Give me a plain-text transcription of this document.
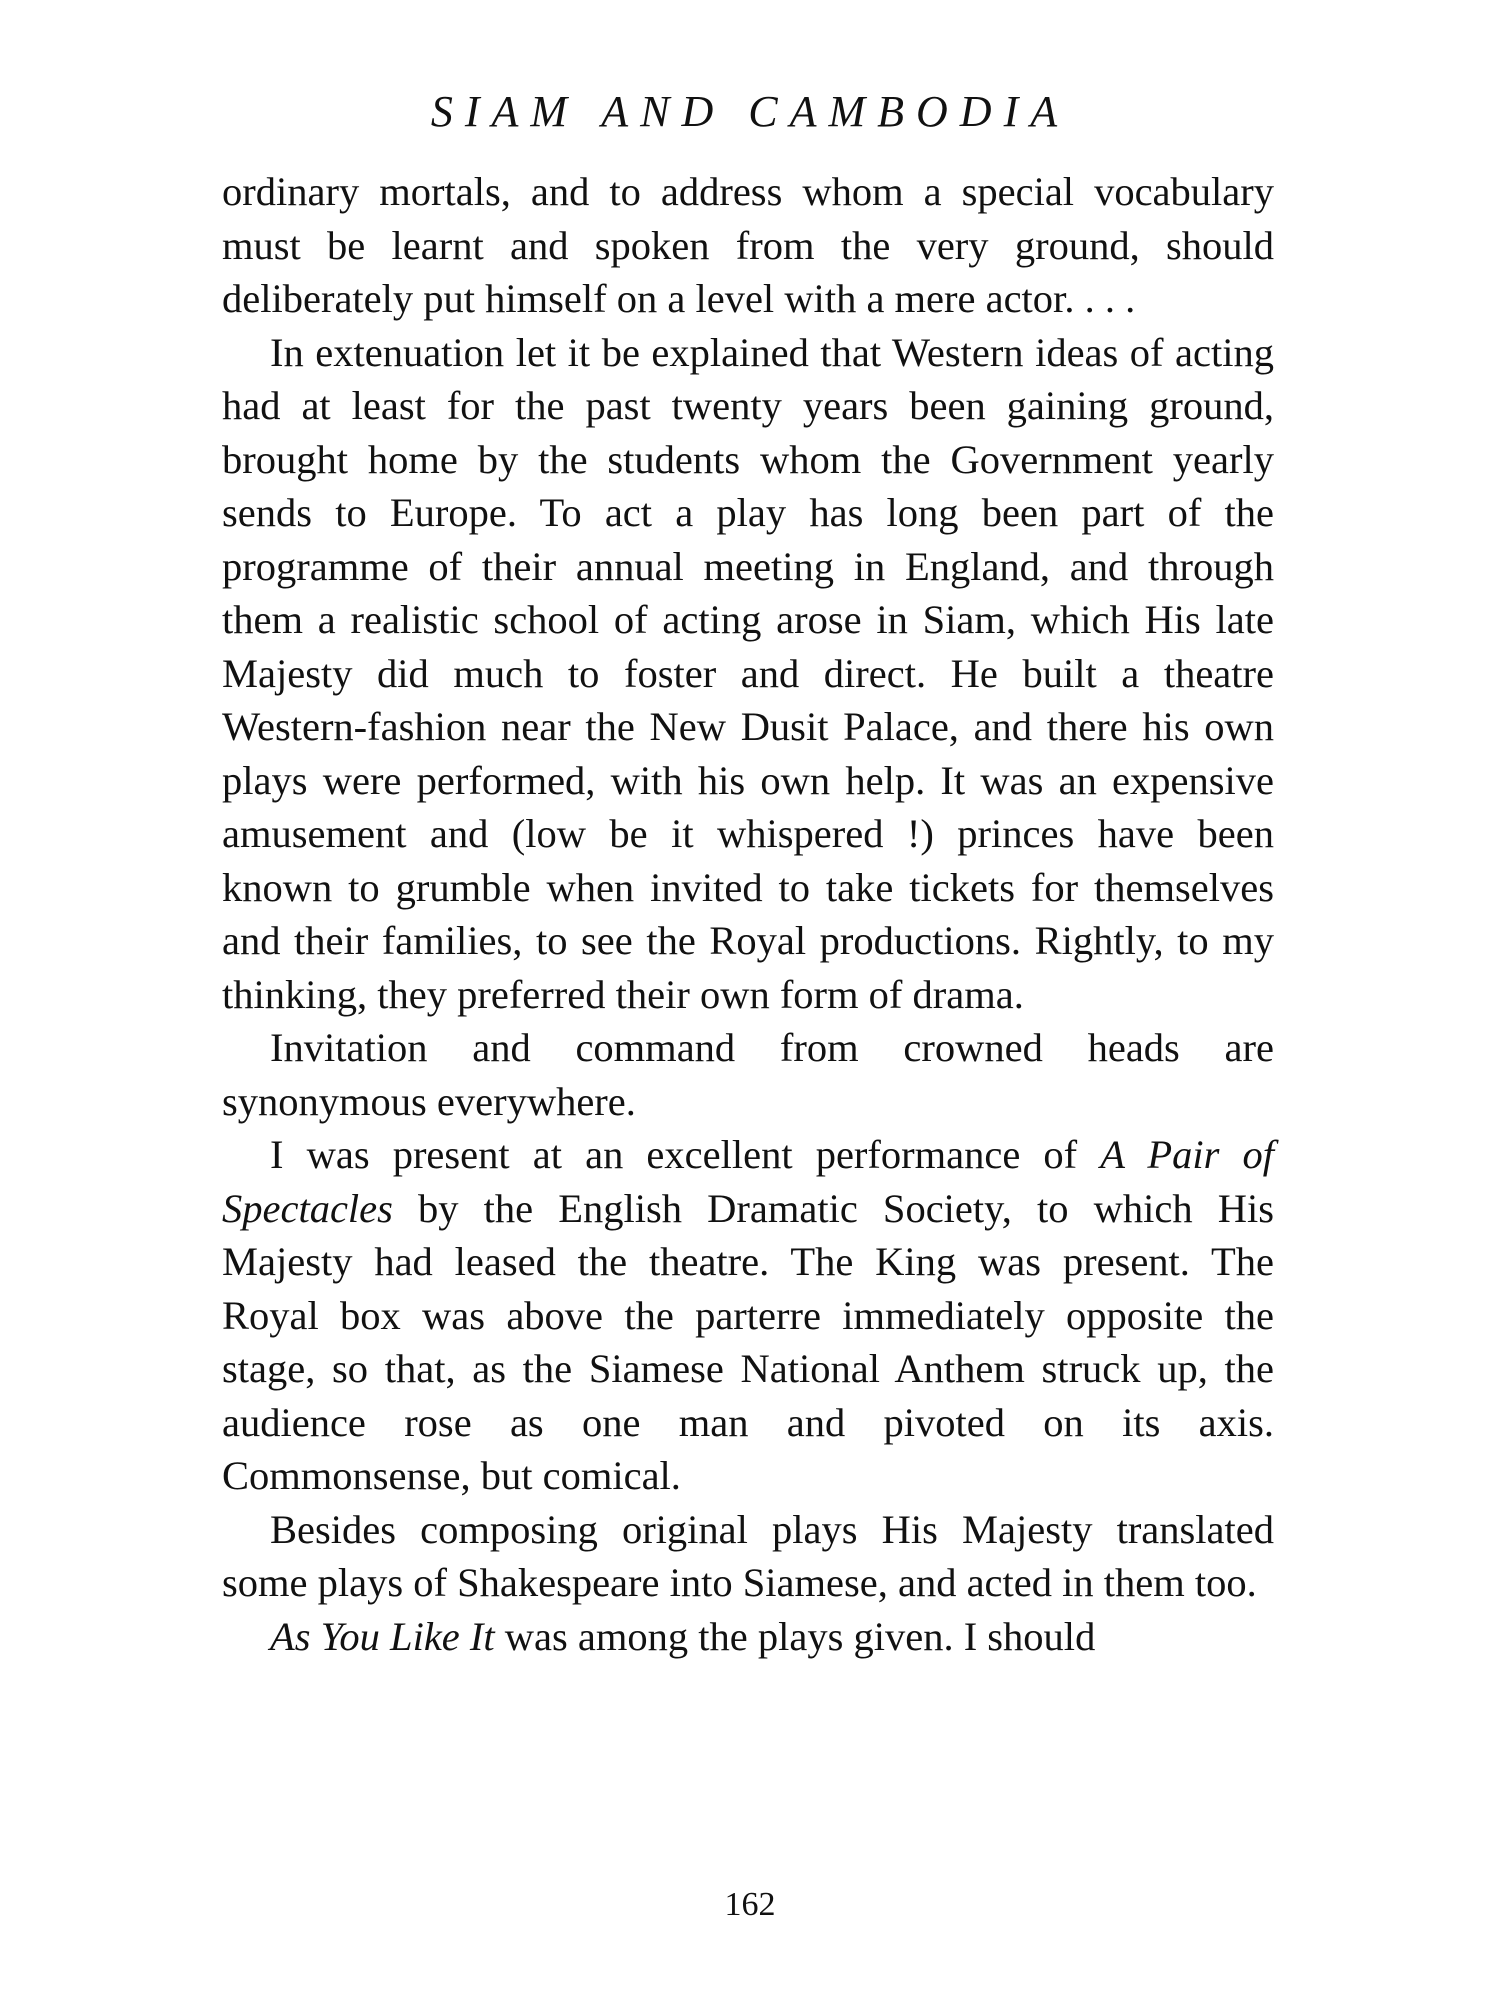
SIAM AND CAMBODIA

ordinary mortals, and to address whom a special vocabulary must be learnt and spoken from the very ground, should deliberately put himself on a level with a mere actor. . . .

In extenuation let it be explained that Western ideas of acting had at least for the past twenty years been gaining ground, brought home by the students whom the Government yearly sends to Europe. To act a play has long been part of the programme of their annual meeting in England, and through them a realistic school of acting arose in Siam, which His late Majesty did much to foster and direct. He built a theatre Western-fashion near the New Dusit Palace, and there his own plays were performed, with his own help. It was an expensive amusement and (low be it whispered !) princes have been known to grumble when invited to take tickets for themselves and their families, to see the Royal productions. Rightly, to my thinking, they preferred their own form of drama.

Invitation and command from crowned heads are synonymous everywhere.

I was present at an excellent performance of A Pair of Spectacles by the English Dramatic Society, to which His Majesty had leased the theatre. The King was present. The Royal box was above the parterre immediately opposite the stage, so that, as the Siamese National Anthem struck up, the audience rose as one man and pivoted on its axis. Commonsense, but comical.

Besides composing original plays His Majesty translated some plays of Shakespeare into Siamese, and acted in them too.

As You Like It was among the plays given. I should

162
